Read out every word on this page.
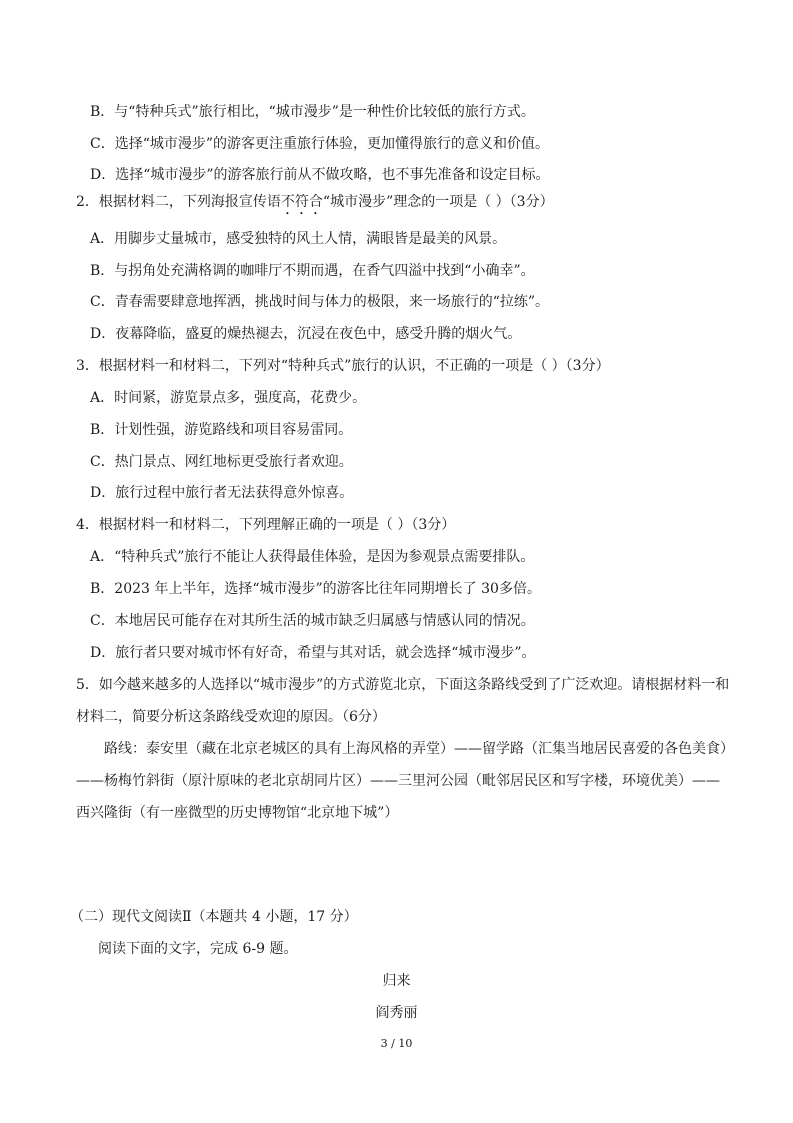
B．与“特种兵式”旅行相比，“城市漫步”是一种性价比较低的旅行方式。
C．选择“城市漫步”的游客更注重旅行体验，更加懂得旅行的意义和价值。
D．选择“城市漫步”的游客旅行前从不做攻略，也不事先准备和设定目标。
2．根据材料二，下列海报宣传语不符合“城市漫步”理念的一项是（ ）（3分）
A．用脚步丈量城市，感受独特的风土人情，满眼皆是最美的风景。
B．与拐角处充满格调的咖啡厅不期而遇，在香气四溢中找到“小确幸”。
C．青春需要肆意地挥洒，挑战时间与体力的极限，来一场旅行的“拉练”。
D．夜幕降临，盛夏的燥热褪去，沉浸在夜色中，感受升腾的烟火气。
3．根据材料一和材料二，下列对“特种兵式”旅行的认识，不正确的一项是（ ）（3分）
A．时间紧，游览景点多，强度高，花费少。
B．计划性强，游览路线和项目容易雷同。
C．热门景点、网红地标更受旅行者欢迎。
D．旅行过程中旅行者无法获得意外惊喜。
4．根据材料一和材料二，下列理解正确的一项是（ ）（3分）
A．“特种兵式”旅行不能让人获得最佳体验，是因为参观景点需要排队。
B．2023 年上半年，选择“城市漫步”的游客比往年同期增长了 30多倍。
C．本地居民可能存在对其所生活的城市缺乏归属感与情感认同的情况。
D．旅行者只要对城市怀有好奇，希望与其对话，就会选择“城市漫步”。
5．如今越来越多的人选择以“城市漫步”的方式游览北京，下面这条路线受到了广泛欢迎。请根据材料一和
材料二，简要分析这条路线受欢迎的原因。（6分）
路线：泰安里（藏在北京老城区的具有上海风格的弄堂）——留学路（汇集当地居民喜爱的各色美食）
——杨梅竹斜街（原汁原味的老北京胡同片区）——三里河公园（毗邻居民区和写字楼，环境优美）——
西兴隆街（有一座微型的历史博物馆“北京地下城”）
（二）现代文阅读Ⅱ（本题共 4 小题，17 分）
阅读下面的文字，完成 6-9 题。
归来
阎秀丽
3 / 10
